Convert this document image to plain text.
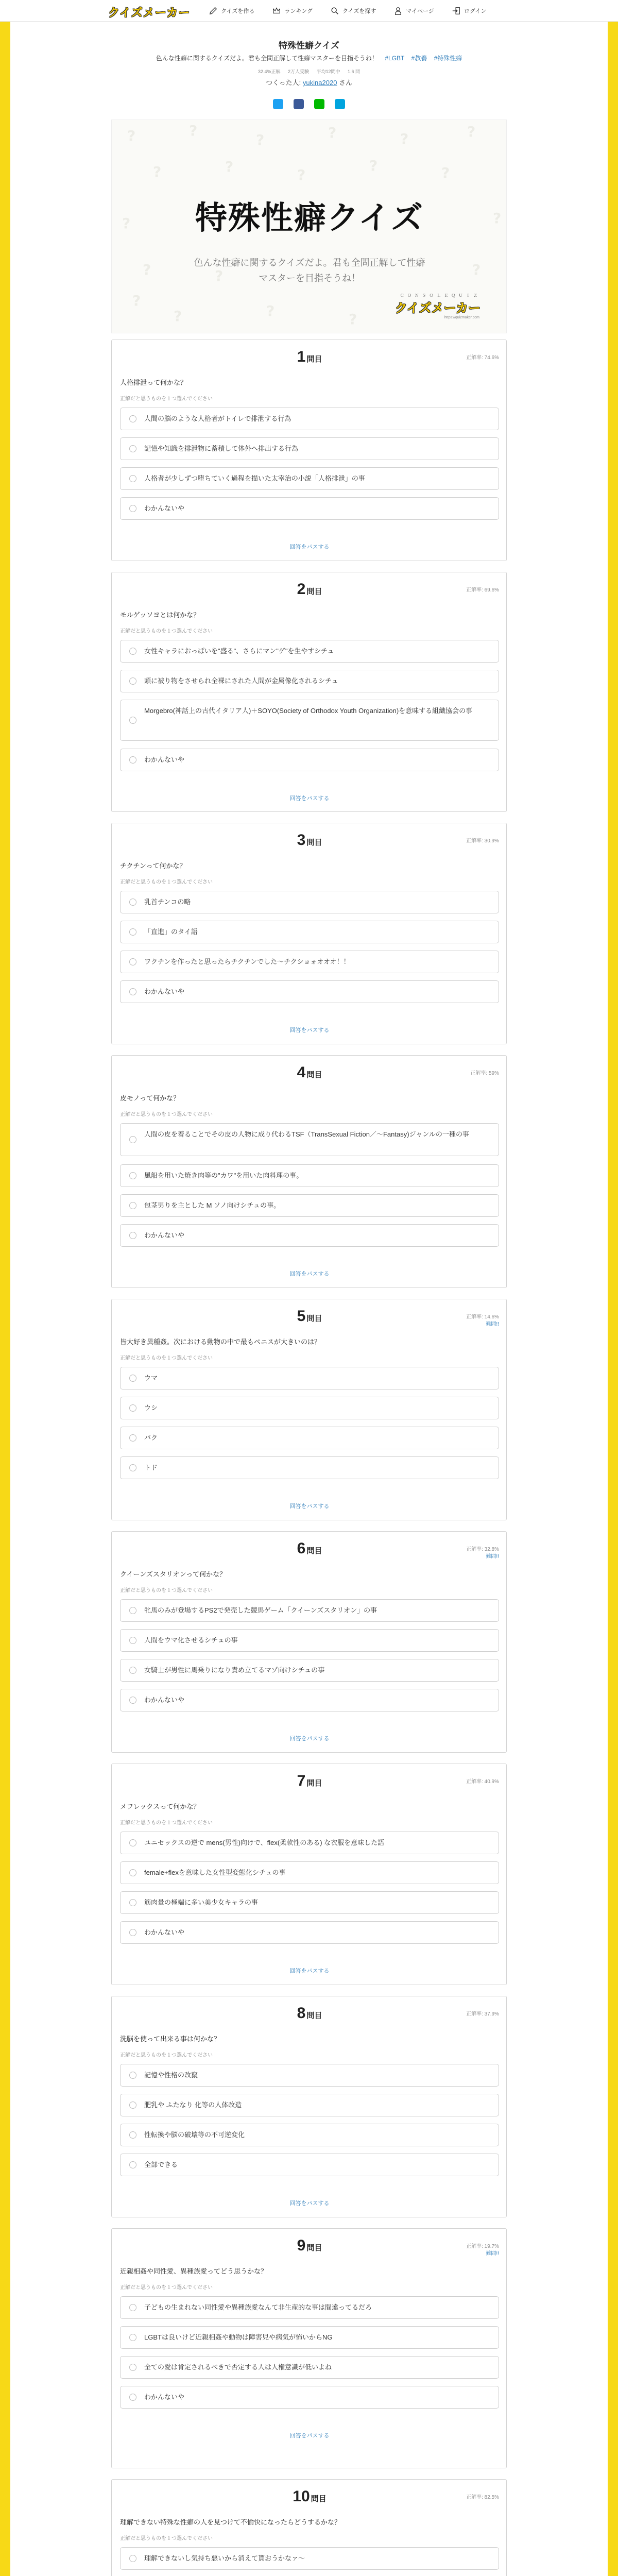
クイズメーカー	クイズを作る	ランキング	クイズを探す	マイページ	ログイン
特殊性癖クイズ
色んな性癖に関するクイズだよ。君も全問正解して性癖マスターを目指そうね！ #LGBT #教養 #特殊性癖
32.4%正解 2万人受験 平均12問中 1.6 問
つくった人: yukina2020 さん
?	?
?	?	?	?
?	?	?
?	?
?	?
?	?	?
?	?	?
?
特殊性癖クイズ
色んな性癖に関するクイズだよ。君も全問正解して性癖
マスターを目指そうね！
Ｃ Ｏ Ｎ Ｓ Ｏ Ｌ Ｅ Ｑ Ｕ Ｉ Ｚ
クイズメーカー
https://quizmaker.com
1 問目	正解率: 74.6%
人格排泄って何かな？
正解だと思うものを１つ選んでください
人間の脳のような人格者がトイレで排泄する行為
記憶や知識を排泄物に蓄積して体外へ排出する行為
人格者が少しずつ堕ちていく過程を描いた太宰治の小説「人格排泄」の事
わかんないや
回答をパスする
2 問目	正解率: 69.6%
モルゲッソヨとは何かな？
正解だと思うものを１つ選んでください
女性キャラにおっぱいを"盛る"、さらにマン"ゲ"を生やすシチュ
頭に被り物をさせられ全裸にされた人間が金属像化されるシチュ
Morgebro(神話上の古代イタリア人)＋SOYO(Society of Orthodox Youth Organization)を意味する組織協会の事
わかんないや
回答をパスする
3 問目	正解率: 30.9%
チクチンって何かな？
正解だと思うものを１つ選んでください
乳首チンコの略
「直進」のタイ語
ワクチンを作ったと思ったらチクチンでした〜チクショォオオオ！！
わかんないや
回答をパスする
4 問目	正解率: 59%
皮モノって何かな？
正解だと思うものを１つ選んでください
人間の皮を着ることでその皮の人物に成り代わるTSF（TransSexual Fiction／〜Fantasy)ジャンルの一種の事
風船を用いた焼き肉等の"カワ"を用いた肉料理の事。
包茎男りを主とした M ソノ向けシチュの事。
わかんないや
回答をパスする
5 問目	正解率: 14.6%
難問!!
皆大好き異種姦。次における動物の中で最もペニスが大きいのは？
正解だと思うものを１つ選んでください
ウマ
ウシ
バク
トド
回答をパスする
6 問目	正解率: 32.8%
難問!!
クイーンズスタリオンって何かな？
正解だと思うものを１つ選んでください
牝馬のみが登場するPS2で発売した競馬ゲーム「クイーンズスタリオン」の事
人間をウマ化させるシチュの事
女騎士が男性に馬乗りになり責め立てるマゾ向けシチュの事
わかんないや
回答をパスする
7 問目	正解率: 40.9%
メフレックスって何かな？
正解だと思うものを１つ選んでください
ユニセックスの逆で mens(男性)向けで、flex(柔軟性のある) な衣服を意味した語
female+flexを意味した女性型変態化シチュの事
筋肉量の極端に多い美少女キャラの事
わかんないや
回答をパスする
8 問目	正解率: 37.9%
洗脳を使って出来る事は何かな？
正解だと思うものを１つ選んでください
記憶や性格の改竄
肥乳や ふたなり 化等の人体改造
性転換や脳の破壊等の不可逆変化
全部できる
回答をパスする
9 問目	正解率: 19.7%
難問!!
近親相姦や同性愛、異種族愛ってどう思うかな？
正解だと思うものを１つ選んでください
子どもの生まれない同性愛や異種族愛なんて非生産的な事は間違ってるだろ
LGBTは良いけど近親相姦や動物は障害児や病気が怖いからNG
全ての愛は肯定されるべきで否定する人は人権意識が低いよね
わかんないや
回答をパスする
10 問目	正解率: 82.5%
理解できない特殊な性癖の人を見つけて不愉快になったらどうするかな？
正解だと思うものを１つ選んでください
理解できないし気持ち悪いから消えて貰おうかなァ〜
